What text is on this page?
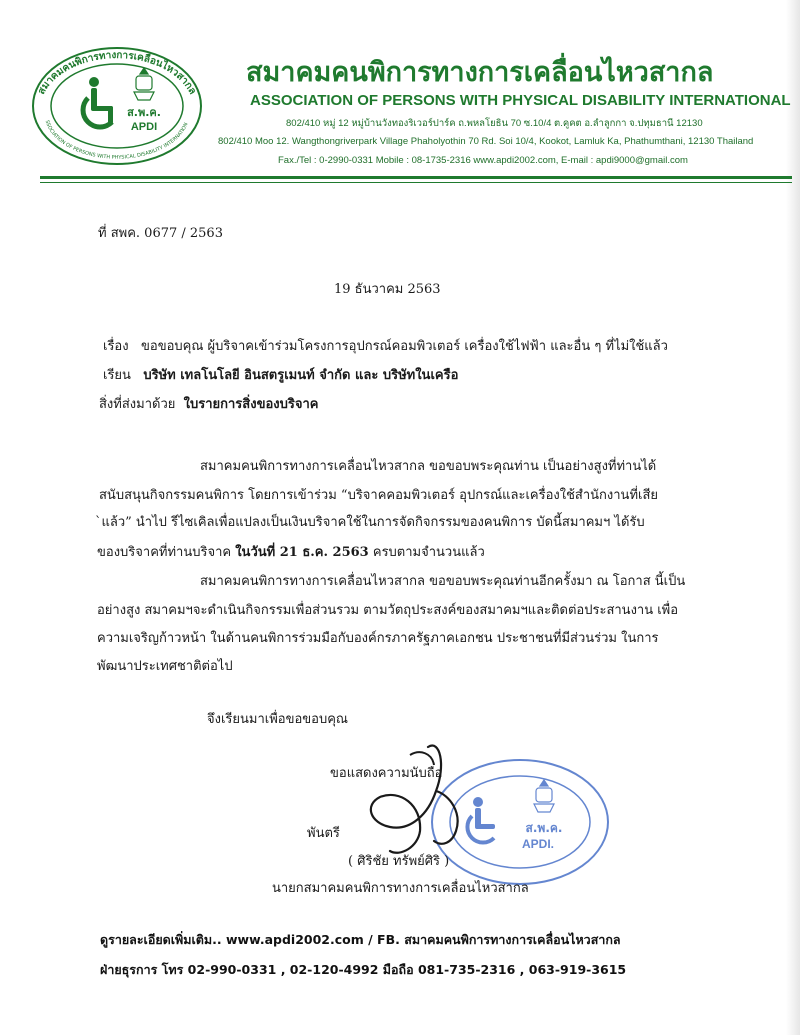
สมาคมคนพิการทางการเคลื่อนไหวสากล
SSOCIATION OF PERSONS WITH PHYSICAL DISABILITY INTERNATION
ส.พ.ค.
APDI
สมาคมคนพิการทางการเคลื่อนไหวสากล
ASSOCIATION OF PERSONS WITH PHYSICAL DISABILITY INTERNATIONAL
802/410 หมู่ 12 หมู่บ้านวังทองริเวอร์ปาร์ค ถ.พหลโยธิน 70 ซ.10/4 ต.คูคต อ.ลำลูกกา จ.ปทุมธานี 12130
802/410 Moo 12. Wangthongriverpark Village Phaholyothin 70 Rd. Soi 10/4, Kookot, Lamluk Ka, Phathumthani, 12130 Thailand
Fax./Tel : 0-2990-0331 Mobile : 08-1735-2316 www.apdi2002.com, E-mail : apdi9000@gmail.com
ที่ สพค. 0677 / 2563
19 ธันวาคม 2563
เรื่อง ขอขอบคุณ ผู้บริจาคเข้าร่วมโครงการอุปกรณ์คอมพิวเตอร์ เครื่องใช้ไฟฟ้า และอื่น ๆ ที่ไม่ใช้แล้ว
เรียน บริษัท เทลโนโลยี อินสตรูเมนท์ จำกัด และ บริษัทในเครือ
สิ่งที่ส่งมาด้วย ใบรายการสิ่งของบริจาค
สมาคมคนพิการทางการเคลื่อนไหวสากล ขอขอบพระคุณท่าน เป็นอย่างสูงที่ท่านได้
สนับสนุนกิจกรรมคนพิการ โดยการเข้าร่วม “บริจาคคอมพิวเตอร์ อุปกรณ์และเครื่องใช้สำนักงานที่เสีย
`แล้ว” นำไป รีไซเคิลเพื่อแปลงเป็นเงินบริจาคใช้ในการจัดกิจกรรมของคนพิการ บัดนี้สมาคมฯ ได้รับ
ของบริจาคที่ท่านบริจาค ในวันที่ 21 ธ.ค. 2563 ครบตามจำนวนแล้ว
สมาคมคนพิการทางการเคลื่อนไหวสากล ขอขอบพระคุณท่านอีกครั้งมา ณ โอกาส นี้เป็น
อย่างสูง สมาคมฯจะดำเนินกิจกรรมเพื่อส่วนรวม ตามวัตถุประสงค์ของสมาคมฯและติดต่อประสานงาน เพื่อ
ความเจริญก้าวหน้า ในด้านคนพิการร่วมมือกับองค์กรภาครัฐภาคเอกชน ประชาชนที่มีส่วนร่วม ในการ
พัฒนาประเทศชาติต่อไป
จึงเรียนมาเพื่อขอขอบคุณ
ส.พ.ค.
APDI.
ขอแสดงความนับถือ
พันตรี
( ศิริชัย ทรัพย์ศิริ )
นายกสมาคมคนพิการทางการเคลื่อนไหวสากล
ดูรายละเอียดเพิ่มเติม.. www.apdi2002.com / FB. สมาคมคนพิการทางการเคลื่อนไหวสากล
ฝ่ายธุรการ โทร 02-990-0331 , 02-120-4992 มือถือ 081-735-2316 , 063-919-3615
